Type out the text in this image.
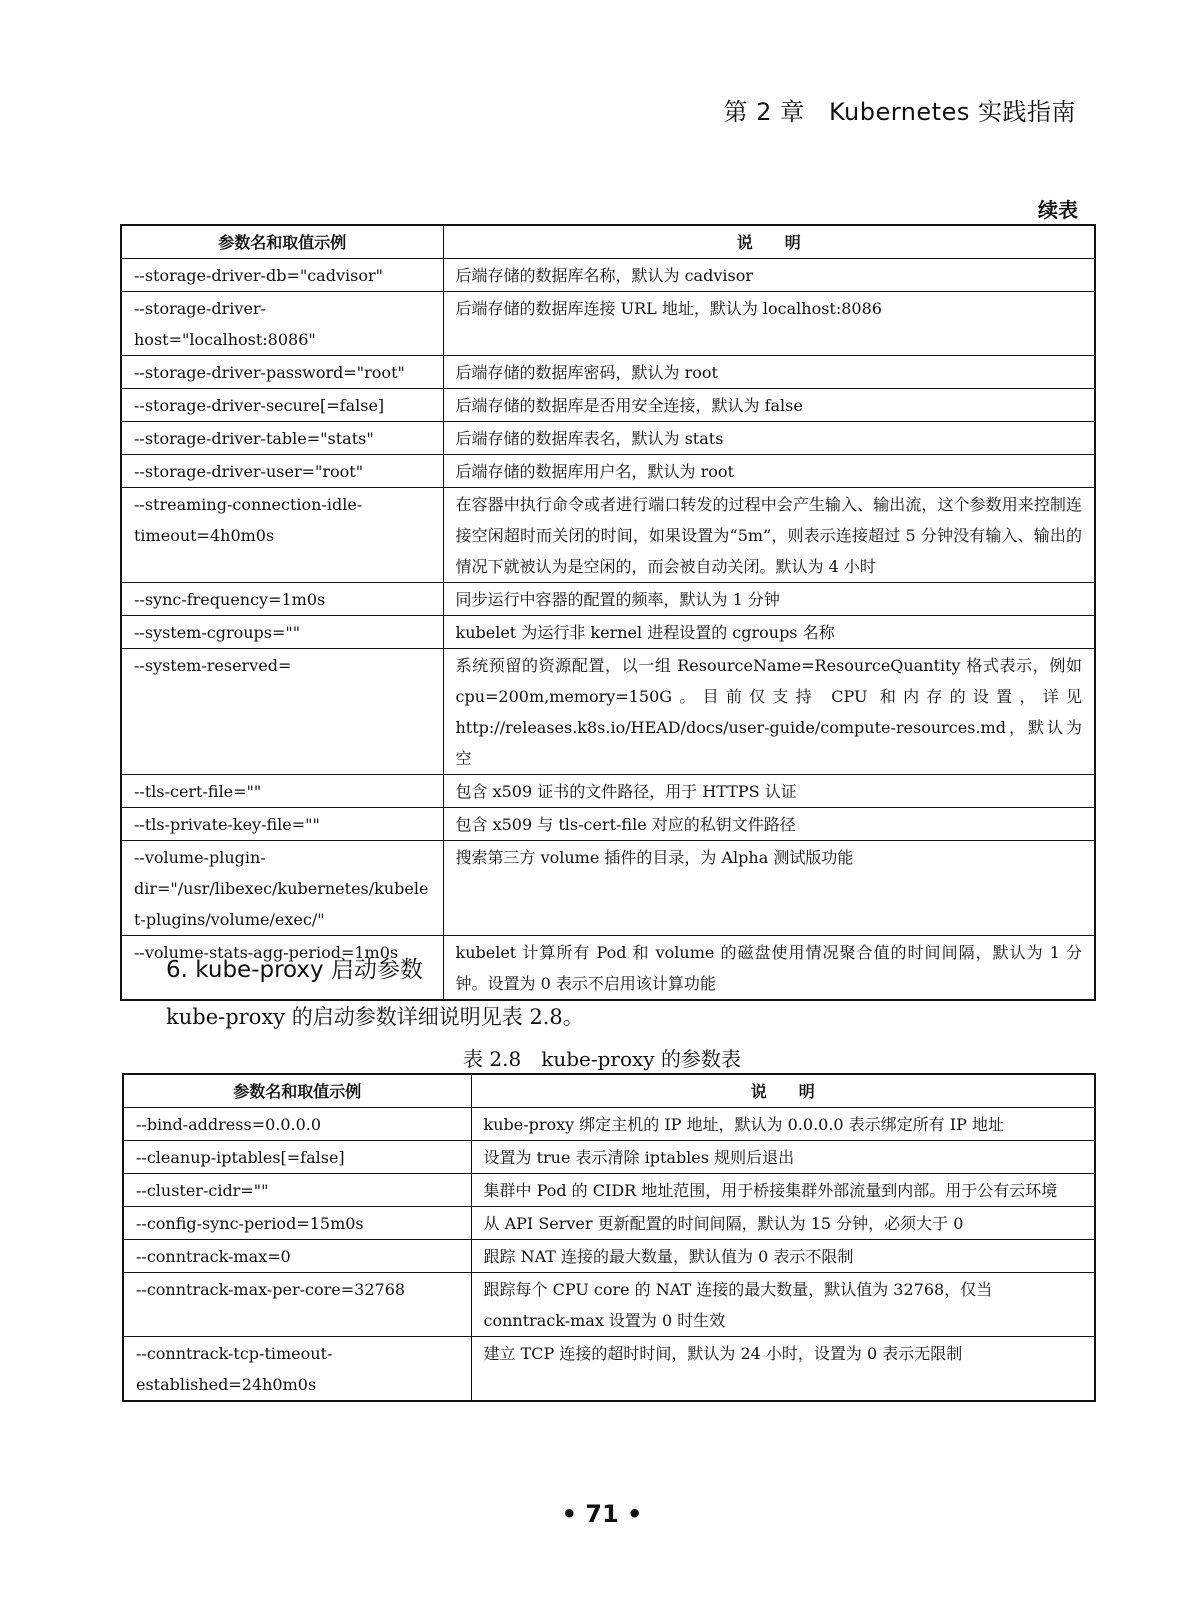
第 2 章　Kubernetes 实践指南
续表
参数名和取值示例	说　　明
--storage-driver-db="cadvisor"	后端存储的数据库名称，默认为 cadvisor
--storage-driver-host="localhost:8086"	后端存储的数据库连接 URL 地址，默认为 localhost:8086
--storage-driver-password="root"	后端存储的数据库密码，默认为 root
--storage-driver-secure[=false]	后端存储的数据库是否用安全连接，默认为 false
--storage-driver-table="stats"	后端存储的数据库表名，默认为 stats
--storage-driver-user="root"	后端存储的数据库用户名，默认为 root
--streaming-connection-idle-timeout=4h0m0s	在容器中执行命令或者进行端口转发的过程中会产生输入、输出流，这个参数用来控制连接空闲超时而关闭的时间，如果设置为“5m”，则表示连接超过 5 分钟没有输入、输出的情况下就被认为是空闲的，而会被自动关闭。默认为 4 小时
--sync-frequency=1m0s	同步运行中容器的配置的频率，默认为 1 分钟
--system-cgroups=""	kubelet 为运行非 kernel 进程设置的 cgroups 名称
--system-reserved=	系统预留的资源配置，以一组 ResourceName=ResourceQuantity 格式表示，例如 cpu=200m,memory=150G。目前仅支持 CPU 和内存的设置，详见 http://releases.k8s.io/HEAD/docs/user-guide/compute-resources.md，默认为空
--tls-cert-file=""	包含 x509 证书的文件路径，用于 HTTPS 认证
--tls-private-key-file=""	包含 x509 与 tls-cert-file 对应的私钥文件路径
--volume-plugin-dir="/usr/libexec/kubernetes/kubelet-plugins/volume/exec/"	搜索第三方 volume 插件的目录，为 Alpha 测试版功能
--volume-stats-agg-period=1m0s	kubelet 计算所有 Pod 和 volume 的磁盘使用情况聚合值的时间间隔，默认为 1 分钟。设置为 0 表示不启用该计算功能
6. kube-proxy 启动参数
kube-proxy 的启动参数详细说明见表 2.8。
表 2.8　kube-proxy 的参数表
参数名和取值示例	说　　明
--bind-address=0.0.0.0	kube-proxy 绑定主机的 IP 地址，默认为 0.0.0.0 表示绑定所有 IP 地址
--cleanup-iptables[=false]	设置为 true 表示清除 iptables 规则后退出
--cluster-cidr=""	集群中 Pod 的 CIDR 地址范围，用于桥接集群外部流量到内部。用于公有云环境
--config-sync-period=15m0s	从 API Server 更新配置的时间间隔，默认为 15 分钟，必须大于 0
--conntrack-max=0	跟踪 NAT 连接的最大数量，默认值为 0 表示不限制
--conntrack-max-per-core=32768	跟踪每个 CPU core 的 NAT 连接的最大数量，默认值为 32768，仅当 conntrack-max 设置为 0 时生效
--conntrack-tcp-timeout-established=24h0m0s	建立 TCP 连接的超时时间，默认为 24 小时，设置为 0 表示无限制
• 71 •
